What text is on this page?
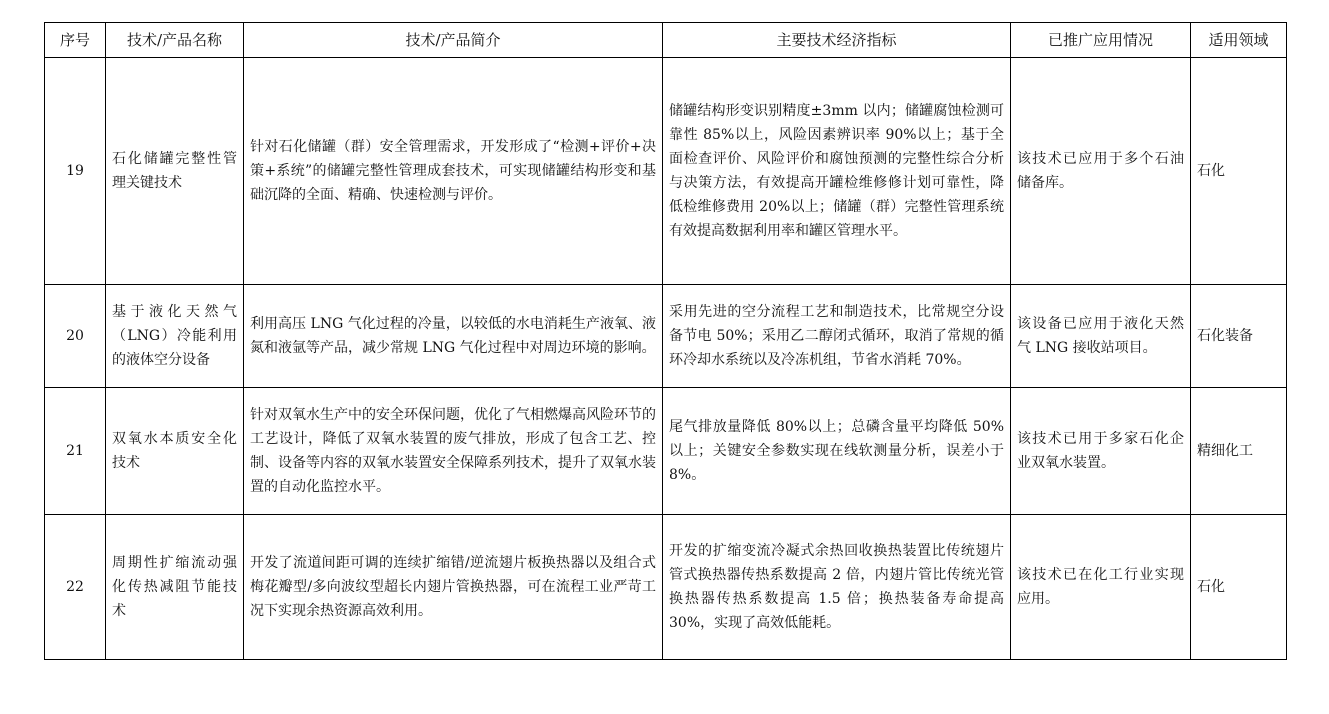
序号	技术/产品名称	技术/产品简介	主要技术经济指标	已推广应用情况	适用领域
19	石化储罐完整性管理关键技术	针对石化储罐（群）安全管理需求，开发形成了“检测+评价+决策+系统”的储罐完整性管理成套技术，可实现储罐结构形变和基础沉降的全面、精确、快速检测与评价。	储罐结构形变识别精度±3mm 以内；储罐腐蚀检测可靠性 85%以上，风险因素辨识率 90%以上；基于全面检查评价、风险评价和腐蚀预测的完整性综合分析与决策方法，有效提高开罐检维修修计划可靠性，降低检维修费用 20%以上；储罐（群）完整性管理系统有效提高数据利用率和罐区管理水平。	该技术已应用于多个石油储备库。	石化
20	基于液化天然气（LNG）冷能利用的液体空分设备	利用高压 LNG 气化过程的冷量，以较低的水电消耗生产液氧、液氮和液氩等产品，减少常规 LNG 气化过程中对周边环境的影响。	采用先进的空分流程工艺和制造技术，比常规空分设备节电 50%；采用乙二醇闭式循环，取消了常规的循环冷却水系统以及冷冻机组，节省水消耗 70%。	该设备已应用于液化天然气 LNG 接收站项目。	石化装备
21	双氧水本质安全化技术	针对双氧水生产中的安全环保问题，优化了气相燃爆高风险环节的工艺设计，降低了双氧水装置的废气排放，形成了包含工艺、控制、设备等内容的双氧水装置安全保障系列技术，提升了双氧水装置的自动化监控水平。	尾气排放量降低 80%以上；总磷含量平均降低 50%以上；关键安全参数实现在线软测量分析，误差小于 8%。	该技术已用于多家石化企业双氧水装置。	精细化工
22	周期性扩缩流动强化传热减阻节能技术	开发了流道间距可调的连续扩缩错/逆流翅片板换热器以及组合式梅花瓣型/多向波纹型超长内翅片管换热器，可在流程工业严苛工况下实现余热资源高效利用。	开发的扩缩变流冷凝式余热回收换热装置比传统翅片管式换热器传热系数提高 2 倍，内翅片管比传统光管换热器传热系数提高 1.5 倍；换热装备寿命提高 30%，实现了高效低能耗。	该技术已在化工行业实现应用。	石化
